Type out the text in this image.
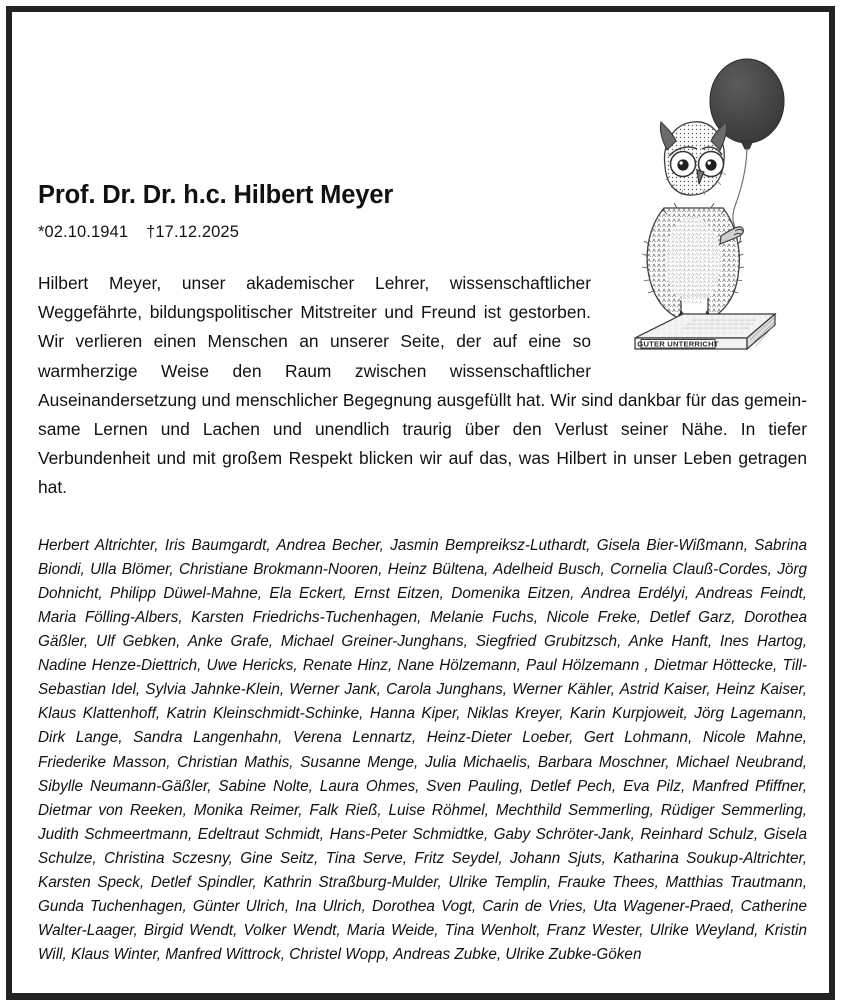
GUTER UNTERRICHT
Prof. Dr. Dr. h.c. Hilbert Meyer

*02.10.1941 †17.12.2025

Hilbert Meyer, unser akademischer Lehrer, wissenschaftlicher Weggefährte, bildungspolitischer Mitstreiter und Freund ist gestorben. Wir verlieren einen Menschen an unserer Seite, der auf eine so warmherzige Weise den Raum zwischen wissenschaftlicher Auseinandersetzung und menschlicher Begegnung ausgefüllt hat. Wir sind dankbar für das gemeinsame Lernen und Lachen und unendlich traurig über den Verlust seiner Nähe. In tiefer Verbundenheit und mit großem Respekt blicken wir auf das, was Hilbert in unser Leben getragen hat.

Herbert Altrichter, Iris Baumgardt, Andrea Becher, Jasmin Bempreiksz-Luthardt, Gisela Bier-Wißmann, Sabrina Biondi, Ulla Blömer, Christiane Brokmann-Nooren, Heinz Bültena, Adelheid Busch, Cornelia Clauß-Cordes, Jörg Dohnicht, Philipp Düwel-Mahne, Ela Eckert, Ernst Eitzen, Domenika Eitzen, Andrea Erdélyi, Andreas Feindt, Maria Fölling-Albers, Karsten Friedrichs-Tuchenhagen, Melanie Fuchs, Nicole Freke, Detlef Garz, Dorothea Gäßler, Ulf Gebken, Anke Grafe, Michael Greiner-Junghans, Siegfried Grubitzsch, Anke Hanft, Ines Hartog, Nadine Henze-Diettrich, Uwe Hericks, Renate Hinz, Nane Hölzemann, Paul Hölzemann , Dietmar Höttecke, Till-Sebastian Idel, Sylvia Jahnke-Klein, Werner Jank, Carola Junghans, Werner Kähler, Astrid Kaiser, Heinz Kaiser, Klaus Klattenhoff, Katrin Kleinschmidt-Schinke, Hanna Kiper, Niklas Kreyer, Karin Kurpjoweit, Jörg Lagemann, Dirk Lange, Sandra Langenhahn, Verena Lennartz, Heinz-Dieter Loeber, Gert Lohmann, Nicole Mahne, Friederike Masson, Christian Mathis, Susanne Menge, Julia Michaelis, Barbara Moschner, Michael Neubrand, Sibylle Neumann-Gäßler, Sabine Nolte, Laura Ohmes, Sven Pauling, Detlef Pech, Eva Pilz, Manfred Pfiffner, Dietmar von Reeken, Monika Reimer, Falk Rieß, Luise Röhmel, Mechthild Semmerling, Rüdiger Semmerling, Judith Schmeertmann, Edeltraut Schmidt, Hans-Peter Schmidtke, Gaby Schröter-Jank, Reinhard Schulz, Gisela Schulze, Christina Sczesny, Gine Seitz, Tina Serve, Fritz Seydel, Johann Sjuts, Katharina Soukup-Altrichter, Karsten Speck, Detlef Spindler, Kathrin Straßburg-Mulder, Ulrike Templin, Frauke Thees, Matthias Trautmann, Gunda Tuchenhagen, Günter Ulrich, Ina Ulrich, Dorothea Vogt, Carin de Vries, Uta Wagener-Praed, Catherine Walter-Laager, Birgid Wendt, Volker Wendt, Maria Weide, Tina Wenholt, Franz Wester, Ulrike Weyland, Kristin Will, Klaus Winter, Manfred Wittrock, Christel Wopp, Andreas Zubke, Ulrike Zubke-Göken
